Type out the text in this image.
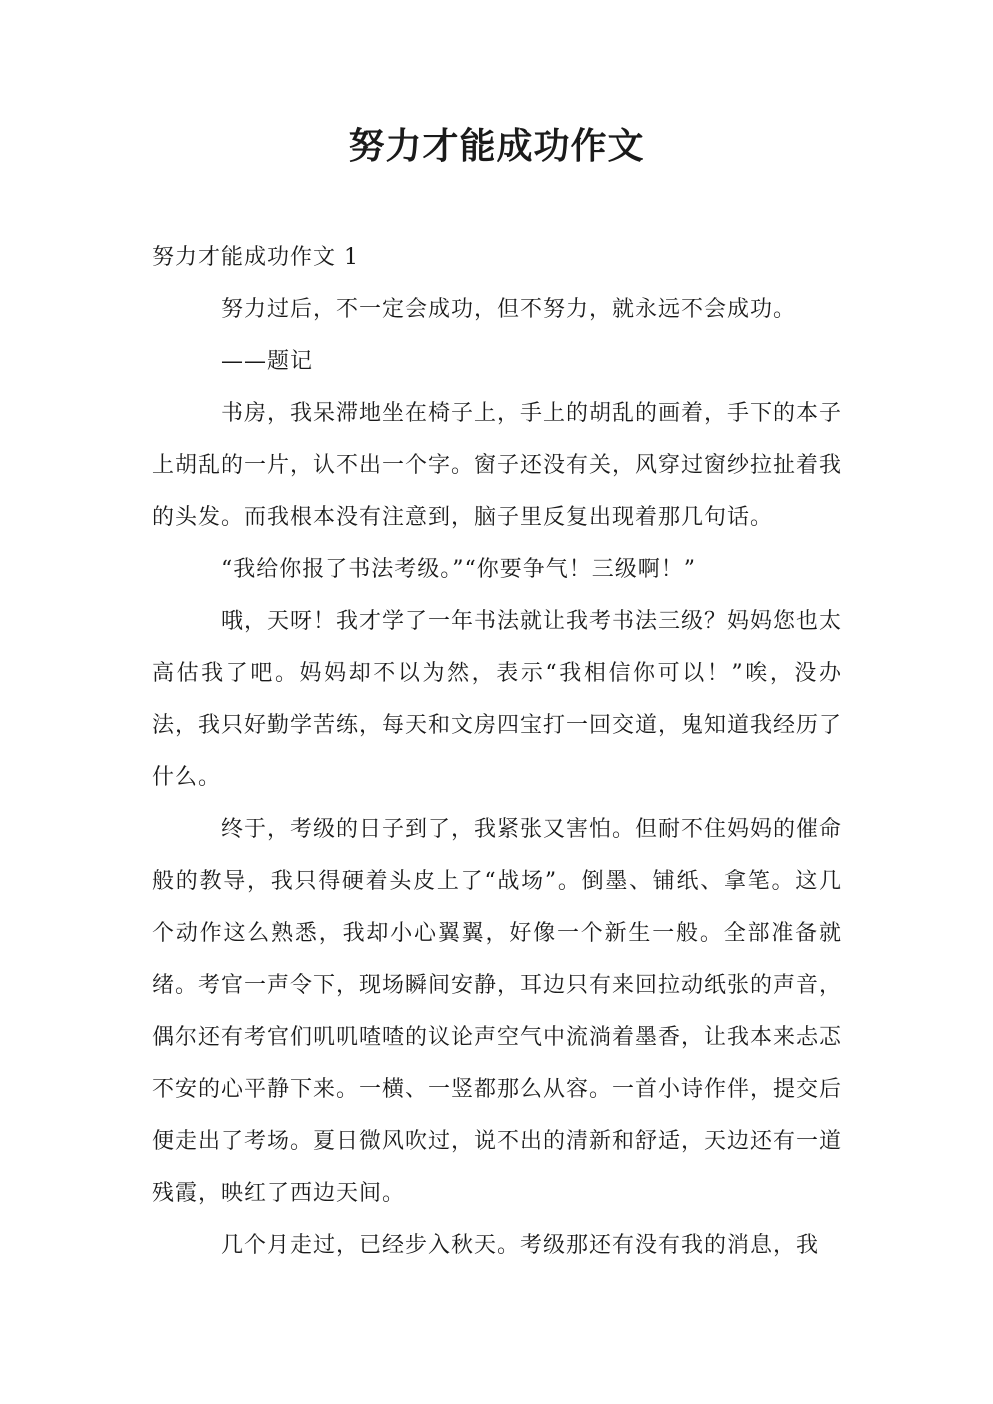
努力才能成功作文

努力才能成功作文 1

努力过后，不一定会成功，但不努力，就永远不会成功。

——题记

书房，我呆滞地坐在椅子上，手上的胡乱的画着，手下的本子上胡乱的一片，认不出一个字。窗子还没有关，风穿过窗纱拉扯着我的头发。而我根本没有注意到，脑子里反复出现着那几句话。

“我给你报了书法考级。”“你要争气！三级啊！”

哦，天呀！我才学了一年书法就让我考书法三级？妈妈您也太高估我了吧。妈妈却不以为然，表示“我相信你可以！”唉，没办法，我只好勤学苦练，每天和文房四宝打一回交道，鬼知道我经历了什么。

终于，考级的日子到了，我紧张又害怕。但耐不住妈妈的催命般的教导，我只得硬着头皮上了“战场”。倒墨、铺纸、拿笔。这几个动作这么熟悉，我却小心翼翼，好像一个新生一般。全部准备就绪。考官一声令下，现场瞬间安静，耳边只有来回拉动纸张的声音，偶尔还有考官们叽叽喳喳的议论声空气中流淌着墨香，让我本来忐忑不安的心平静下来。一横、一竖都那么从容。一首小诗作伴，提交后便走出了考场。夏日微风吹过，说不出的清新和舒适，天边还有一道残霞，映红了西边天间。

几个月走过，已经步入秋天。考级那还有没有我的消息，我
